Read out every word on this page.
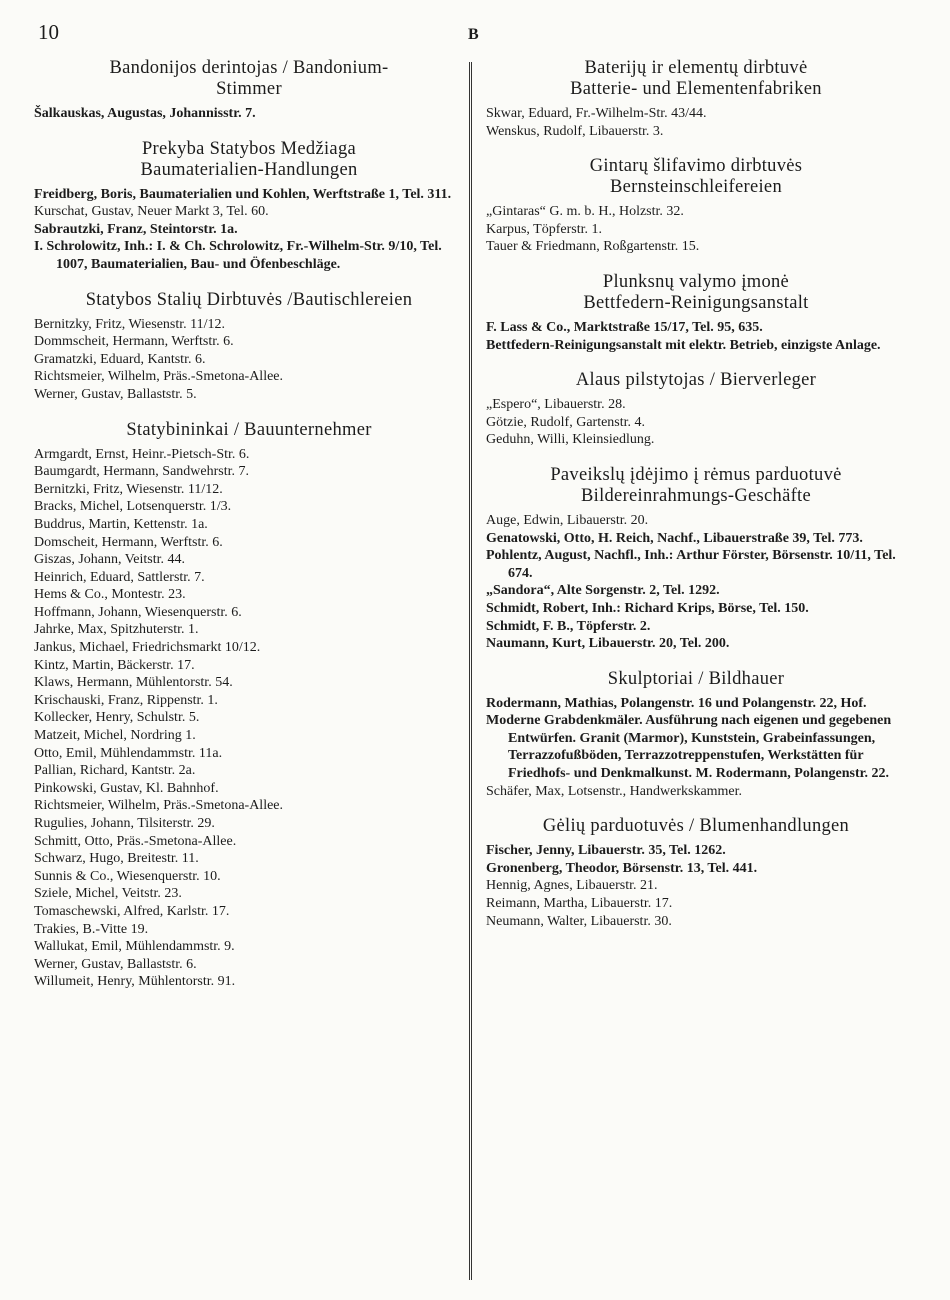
10	B
Bandonijos derintojas / Bandonium-
Stimmer
Šalkauskas, Augustas, Johannisstr. 7.
Prekyba Statybos Medžiaga
Baumaterialien-Handlungen
Freidberg, Boris, Baumaterialien und Kohlen, Werftstraße 1, Tel. 311.
Kurschat, Gustav, Neuer Markt 3, Tel. 60.
Sabrautzki, Franz, Steintorstr. 1a.
I. Schrolowitz, Inh.: I. & Ch. Schrolowitz, Fr.-Wilhelm-Str. 9/10, Tel. 1007, Baumaterialien, Bau- und Öfenbeschläge.
Statybos Stalių Dirbtuvės /Bautischlereien
Bernitzky, Fritz, Wiesenstr. 11/12.
Dommscheit, Hermann, Werftstr. 6.
Gramatzki, Eduard, Kantstr. 6.
Richtsmeier, Wilhelm, Präs.-Smetona-Allee.
Werner, Gustav, Ballaststr. 5.
Statybininkai / Bauunternehmer
Armgardt, Ernst, Heinr.-Pietsch-Str. 6.
Baumgardt, Hermann, Sandwehrstr. 7.
Bernitzki, Fritz, Wiesenstr. 11/12.
Bracks, Michel, Lotsenquerstr. 1/3.
Buddrus, Martin, Kettenstr. 1a.
Domscheit, Hermann, Werftstr. 6.
Giszas, Johann, Veitstr. 44.
Heinrich, Eduard, Sattlerstr. 7.
Hems & Co., Montestr. 23.
Hoffmann, Johann, Wiesenquerstr. 6.
Jahrke, Max, Spitzhuterstr. 1.
Jankus, Michael, Friedrichsmarkt 10/12.
Kintz, Martin, Bäckerstr. 17.
Klaws, Hermann, Mühlentorstr. 54.
Krischauski, Franz, Rippenstr. 1.
Kollecker, Henry, Schulstr. 5.
Matzeit, Michel, Nordring 1.
Otto, Emil, Mühlendammstr. 11a.
Pallian, Richard, Kantstr. 2a.
Pinkowski, Gustav, Kl. Bahnhof.
Richtsmeier, Wilhelm, Präs.-Smetona-Allee.
Rugulies, Johann, Tilsiterstr. 29.
Schmitt, Otto, Präs.-Smetona-Allee.
Schwarz, Hugo, Breitestr. 11.
Sunnis & Co., Wiesenquerstr. 10.
Sziele, Michel, Veitstr. 23.
Tomaschewski, Alfred, Karlstr. 17.
Trakies, B.-Vitte 19.
Wallukat, Emil, Mühlendammstr. 9.
Werner, Gustav, Ballaststr. 6.
Willumeit, Henry, Mühlentorstr. 91.
Baterijų ir elementų dirbtuvė
Batterie- und Elementenfabriken
Skwar, Eduard, Fr.-Wilhelm-Str. 43/44.
Wenskus, Rudolf, Libauerstr. 3.
Gintarų šlifavimo dirbtuvės
Bernsteinschleifereien
„Gintaras“ G. m. b. H., Holzstr. 32.
Karpus, Töpferstr. 1.
Tauer & Friedmann, Roßgartenstr. 15.
Plunksnų valymo įmonė
Bettfedern-Reinigungsanstalt
F. Lass & Co., Marktstraße 15/17, Tel. 95, 635.
Bettfedern-Reinigungsanstalt mit elektr. Betrieb, einzigste Anlage.
Alaus pilstytojas / Bierverleger
„Espero“, Libauerstr. 28.
Götzie, Rudolf, Gartenstr. 4.
Geduhn, Willi, Kleinsiedlung.
Paveikslų įdėjimo į rėmus parduotuvė
Bildereinrahmungs-Geschäfte
Auge, Edwin, Libauerstr. 20.
Genatowski, Otto, H. Reich, Nachf., Libauerstraße 39, Tel. 773.
Pohlentz, August, Nachfl., Inh.: Arthur Förster, Börsenstr. 10/11, Tel. 674.
„Sandora“, Alte Sorgenstr. 2, Tel. 1292.
Schmidt, Robert, Inh.: Richard Krips, Börse, Tel. 150.
Schmidt, F. B., Töpferstr. 2.
Naumann, Kurt, Libauerstr. 20, Tel. 200.
Skulptoriai / Bildhauer
Rodermann, Mathias, Polangenstr. 16 und Polangenstr. 22, Hof.
Moderne Grabdenkmäler. Ausführung nach eigenen und gegebenen Entwürfen. Granit (Marmor), Kunststein, Grabeinfassungen, Terrazzofußböden, Terrazzotreppenstufen, Werkstätten für Friedhofs- und Denkmalkunst. M. Rodermann, Polangenstr. 22.
Schäfer, Max, Lotsenstr., Handwerkskammer.
Gėlių parduotuvės / Blumenhandlungen
Fischer, Jenny, Libauerstr. 35, Tel. 1262.
Gronenberg, Theodor, Börsenstr. 13, Tel. 441.
Hennig, Agnes, Libauerstr. 21.
Reimann, Martha, Libauerstr. 17.
Neumann, Walter, Libauerstr. 30.
